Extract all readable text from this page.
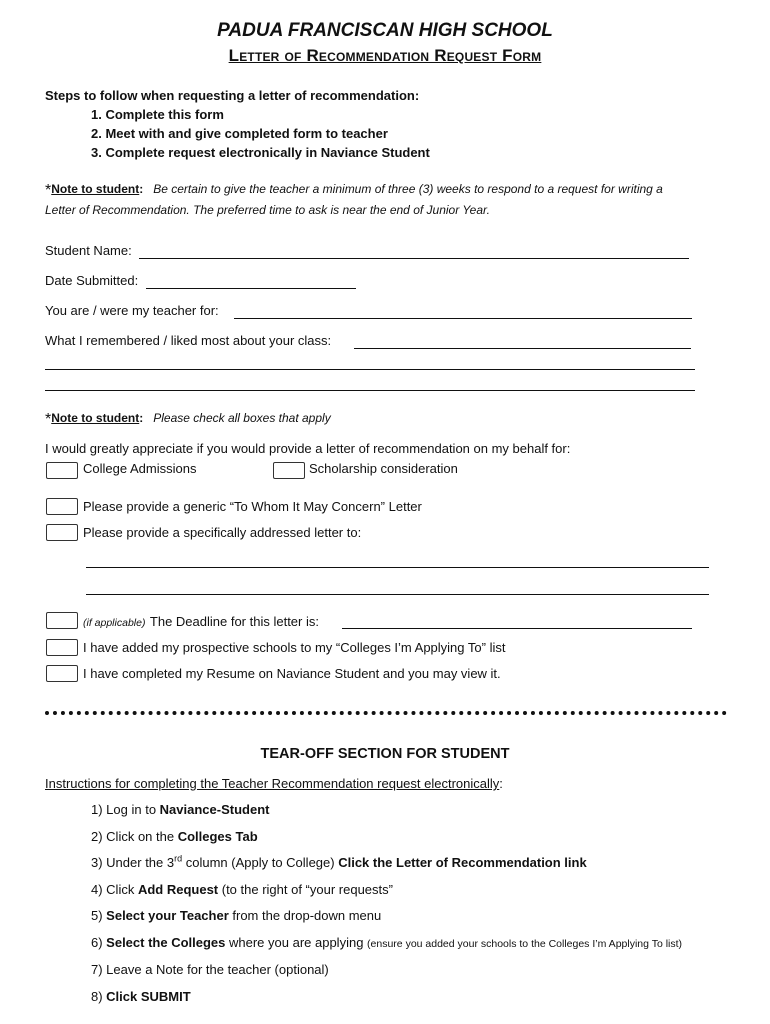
PADUA FRANCISCAN HIGH SCHOOL
Letter of Recommendation Request Form
Steps to follow when requesting a letter of recommendation:
1. Complete this form
2. Meet with and give completed form to teacher
3. Complete request electronically in Naviance Student
*Note to student: Be certain to give the teacher a minimum of three (3) weeks to respond to a request for writing a
Letter of Recommendation. The preferred time to ask is near the end of Junior Year.
Student Name:
Date Submitted:
You are / were my teacher for:
What I remembered / liked most about your class:
*Note to student: Please check all boxes that apply
I would greatly appreciate if you would provide a letter of recommendation on my behalf for:
College Admissions	Scholarship consideration
Please provide a generic “To Whom It May Concern” Letter
Please provide a specifically addressed letter to:
(if applicable) The Deadline for this letter is:
I have added my prospective schools to my “Colleges I’m Applying To” list
I have completed my Resume on Naviance Student and you may view it.
TEAR-OFF SECTION FOR STUDENT
Instructions for completing the Teacher Recommendation request electronically:
1) Log in to Naviance-Student
2) Click on the Colleges Tab
3) Under the 3rd column (Apply to College) Click the Letter of Recommendation link
4) Click Add Request (to the right of “your requests”
5) Select your Teacher from the drop-down menu
6) Select the Colleges where you are applying (ensure you added your schools to the Colleges I’m Applying To list)
7) Leave a Note for the teacher (optional)
8) Click SUBMIT
